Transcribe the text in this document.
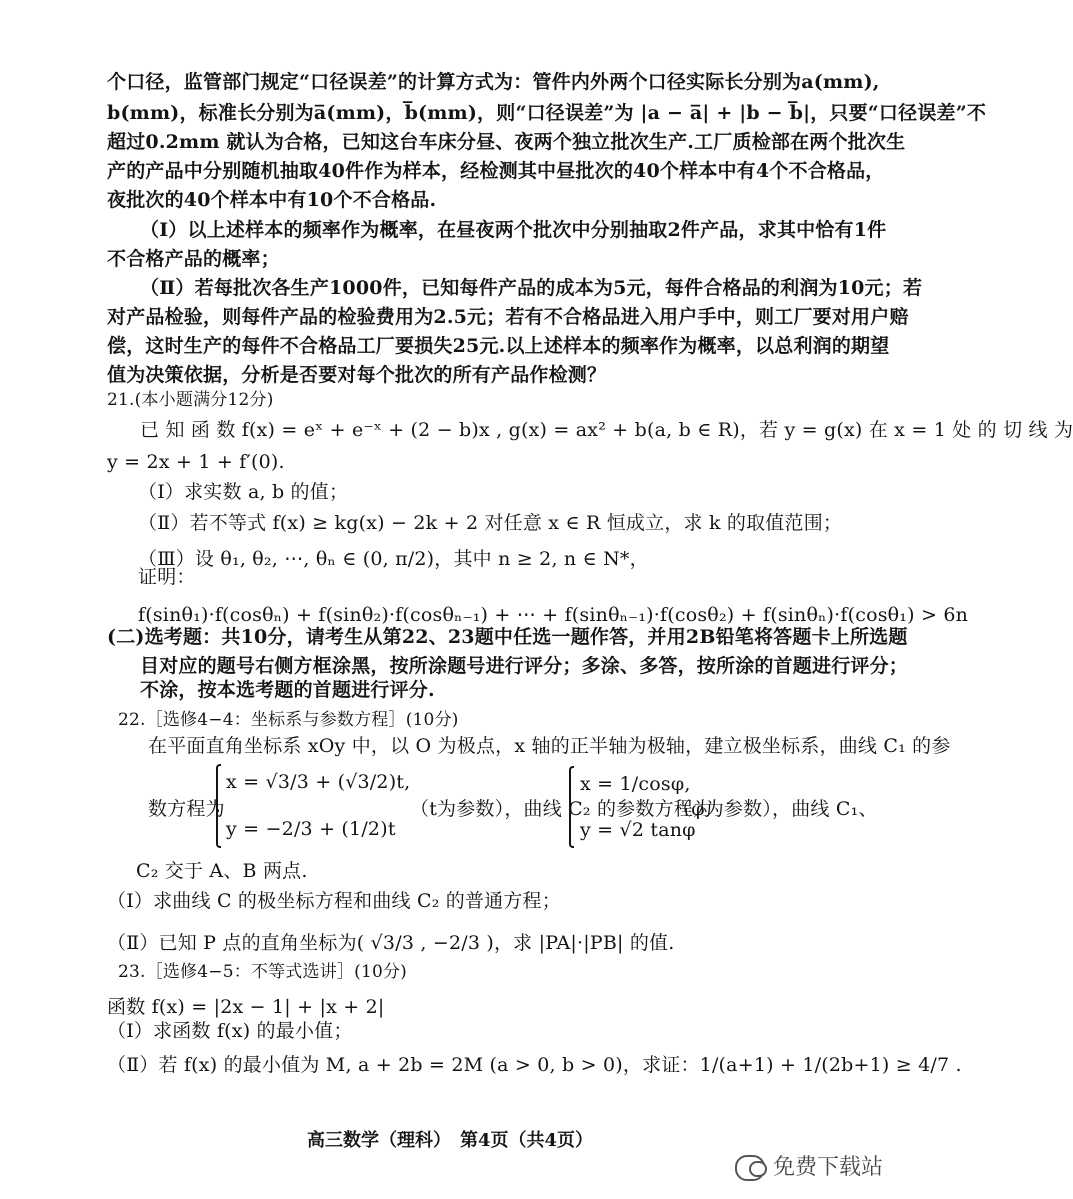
个口径，监管部门规定“口径误差”的计算方式为：管件内外两个口径实际长分别为a(mm),
b(mm)，标准长分别为a̅(mm)，b̅(mm)，则“口径误差”为 |a − a̅| + |b − b̅|，只要“口径误差”不
超过0.2mm 就认为合格，已知这台车床分昼、夜两个独立批次生产.工厂质检部在两个批次生
产的产品中分别随机抽取40件作为样本，经检测其中昼批次的40个样本中有4个不合格品，
夜批次的40个样本中有10个不合格品.
（Ⅰ）以上述样本的频率作为概率，在昼夜两个批次中分别抽取2件产品，求其中恰有1件
不合格产品的概率；
（Ⅱ）若每批次各生产1000件，已知每件产品的成本为5元，每件合格品的利润为10元；若
对产品检验，则每件产品的检验费用为2.5元；若有不合格品进入用户手中，则工厂要对用户赔
偿，这时生产的每件不合格品工厂要损失25元.以上述样本的频率作为概率，以总利润的期望
值为决策依据，分析是否要对每个批次的所有产品作检测？
21.(本小题满分12分)
已 知 函 数 f(x) = eˣ + e⁻ˣ + (2 − b)x , g(x) = ax² + b(a, b ∈ R)，若 y = g(x) 在 x = 1 处 的 切 线 为
y = 2x + 1 + f′(0).
（Ⅰ）求实数 a, b 的值；
（Ⅱ）若不等式 f(x) ≥ kg(x) − 2k + 2 对任意 x ∈ R 恒成立，求 k 的取值范围；
（Ⅲ）设 θ₁, θ₂, ⋯, θₙ ∈ (0, π/2)，其中 n ≥ 2, n ∈ N*，
证明：
f(sinθ₁)·f(cosθₙ) + f(sinθ₂)·f(cosθₙ₋₁) + ⋯ + f(sinθₙ₋₁)·f(cosθ₂) + f(sinθₙ)·f(cosθ₁) > 6n
(二)选考题：共10分，请考生从第22、23题中任选一题作答，并用2B铅笔将答题卡上所选题
目对应的题号右侧方框涂黑，按所涂题号进行评分；多涂、多答，按所涂的首题进行评分；
不涂，按本选考题的首题进行评分.
22.［选修4−4：坐标系与参数方程］(10分)
在平面直角坐标系 xOy 中，以 O 为极点，x 轴的正半轴为极轴，建立极坐标系，曲线 C₁ 的参
数方程为
x = √3/3 + (√3/2)t,
y = −2/3 + (1/2)t
（t为参数），曲线 C₂ 的参数方程为
x = 1/cosφ,
y = √2 tanφ
（φ为参数），曲线 C₁、
C₂ 交于 A、B 两点.
（Ⅰ）求曲线 C 的极坐标方程和曲线 C₂ 的普通方程；
（Ⅱ）已知 P 点的直角坐标为( √3/3 , −2/3 )，求 |PA|·|PB| 的值.
23.［选修4−5：不等式选讲］(10分)
函数 f(x) = |2x − 1| + |x + 2|
（Ⅰ）求函数 f(x) 的最小值；
（Ⅱ）若 f(x) 的最小值为 M, a + 2b = 2M (a > 0, b > 0)，求证：1/(a+1) + 1/(2b+1) ≥ 4/7 .
高三数学（理科）　第4页（共4页）
免费下载站
